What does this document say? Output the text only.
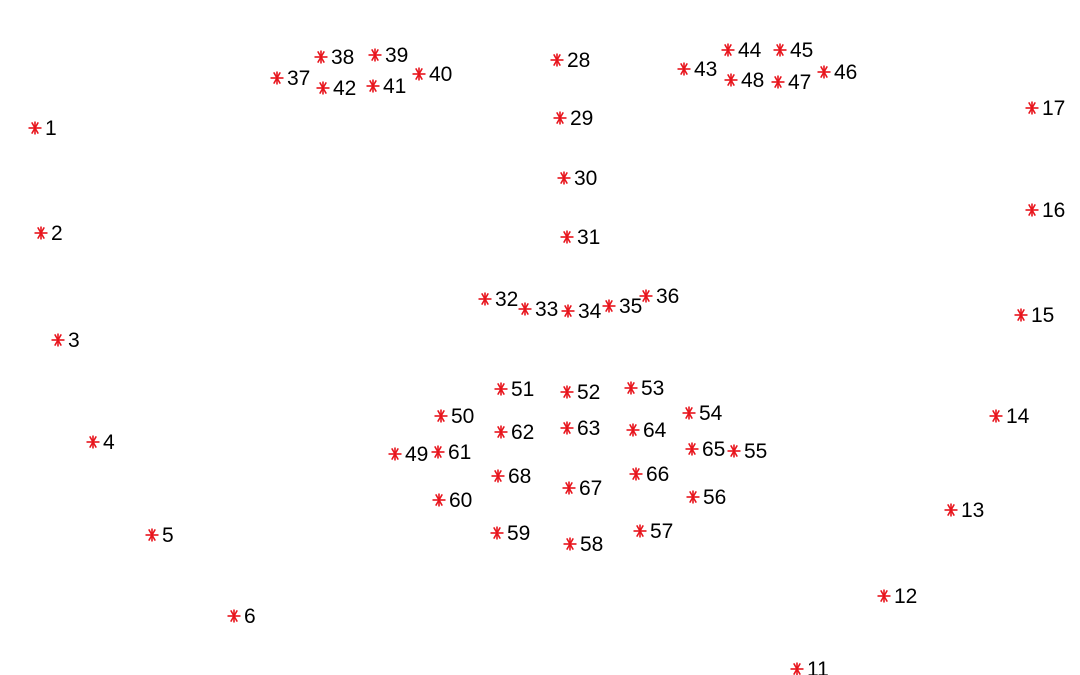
1
2
3
4
5
6
11
12
13
14
15
16
17
28
29
30
31
32 33 34 35 36
37
38 39
40
41
42
43
44 45
46
47
48
49
50
51 52 53
54
55
56
57
58
59
60
61
62 63 64
65
66
67
68
